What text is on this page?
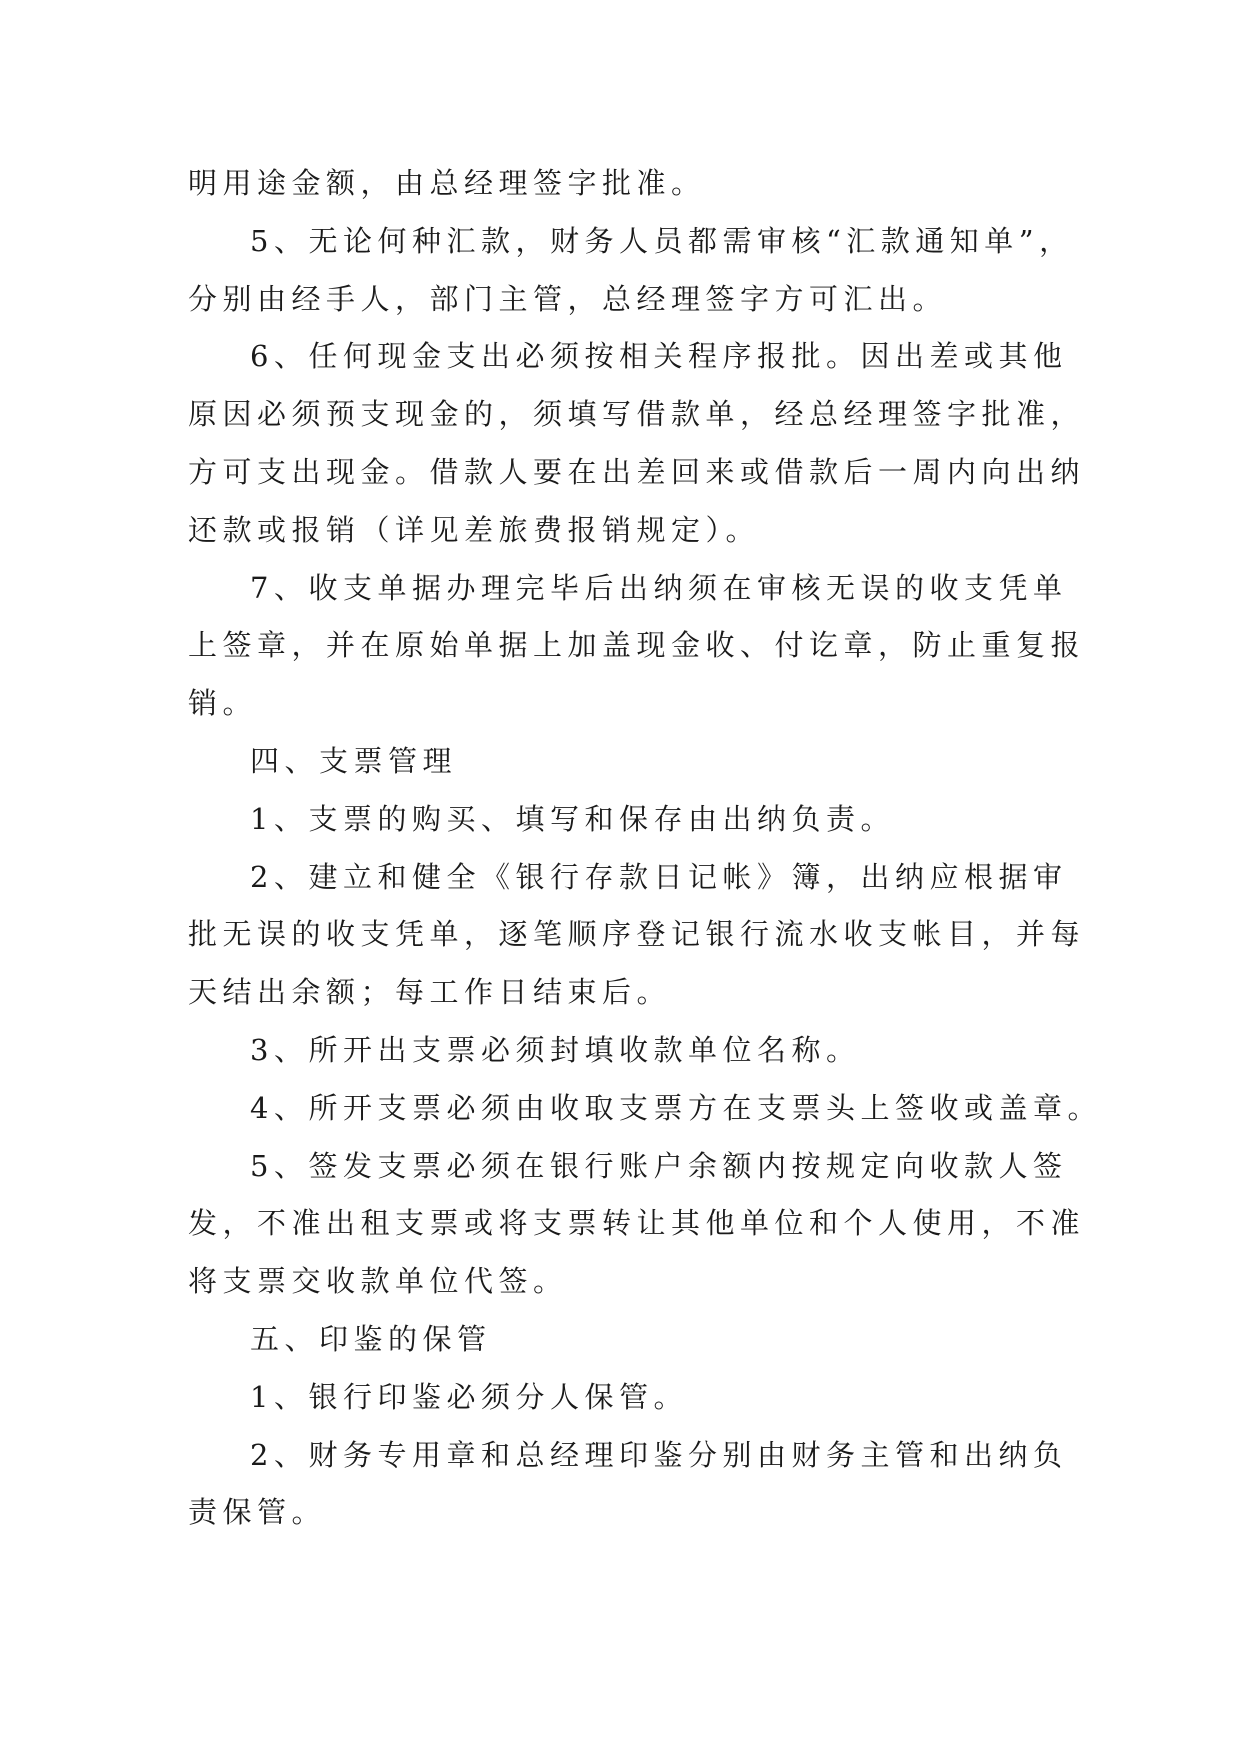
明用途金额，由总经理签字批准。

5、无论何种汇款，财务人员都需审核“汇款通知单”，

分别由经手人，部门主管，总经理签字方可汇出。

6、任何现金支出必须按相关程序报批。因出差或其他

原因必须预支现金的，须填写借款单，经总经理签字批准，

方可支出现金。借款人要在出差回来或借款后一周内向出纳

还款或报销（详见差旅费报销规定）。

7、收支单据办理完毕后出纳须在审核无误的收支凭单

上签章，并在原始单据上加盖现金收、付讫章，防止重复报

销。

四、支票管理

1、支票的购买、填写和保存由出纳负责。

2、建立和健全《银行存款日记帐》簿，出纳应根据审

批无误的收支凭单，逐笔顺序登记银行流水收支帐目，并每

天结出余额；每工作日结束后。

3、所开出支票必须封填收款单位名称。

4、所开支票必须由收取支票方在支票头上签收或盖章。

5、签发支票必须在银行账户余额内按规定向收款人签

发，不准出租支票或将支票转让其他单位和个人使用，不准

将支票交收款单位代签。

五、印鉴的保管

1、银行印鉴必须分人保管。

2、财务专用章和总经理印鉴分别由财务主管和出纳负

责保管。
